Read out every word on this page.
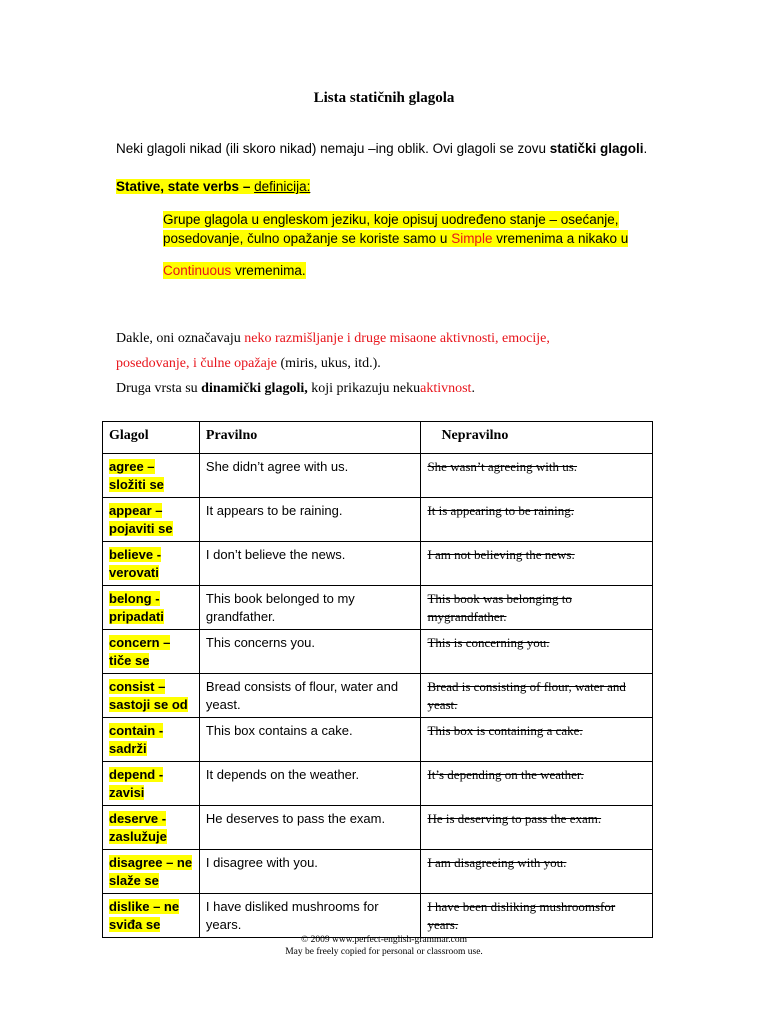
Lista statičnih glagola
Neki glagoli nikad (ili skoro nikad) nemaju –ing oblik. Ovi glagoli se zovu statički glagoli.
Stative, state verbs – definicija:
Grupe glagola u engleskom jeziku, koje opisuj uodređeno stanje – osećanje,
posedovanje, čulno opažanje se koriste samo u Simple vremenima a nikako u
Continuous vremenima.
Dakle, oni označavaju neko razmišljanje i druge misaone aktivnosti, emocije,
posedovanje, i čulne opažaje (miris, ukus, itd.).
Druga vrsta su dinamički glagoli, koji prikazuju nekuaktivnost.
Glagol	Pravilno	Nepravilno
agree – složiti se	She didn’t agree with us.	She wasn’t agreeing with us.
appear – pojaviti se	It appears to be raining.	It is appearing to be raining.
believe - verovati	I don’t believe the news.	I am not believing the news.
belong - pripadati	This book belonged to my grandfather.	This book was belonging to mygrandfather.
concern – tiče se	This concerns you.	This is concerning you.
consist – sastoji se od	Bread consists of flour, water and yeast.	Bread is consisting of flour, water and yeast.
contain - sadrži	This box contains a cake.	This box is containing a cake.
depend - zavisi	It depends on the weather.	It’s depending on the weather.
deserve - zaslužuje	He deserves to pass the exam.	He is deserving to pass the exam.
disagree – ne slaže se	I disagree with you.	I am disagreeing with you.
dislike – ne sviđa se	I have disliked mushrooms for years.	I have been disliking mushroomsfor years.
© 2009 www.perfect-english-grammar.com
May be freely copied for personal or classroom use.
